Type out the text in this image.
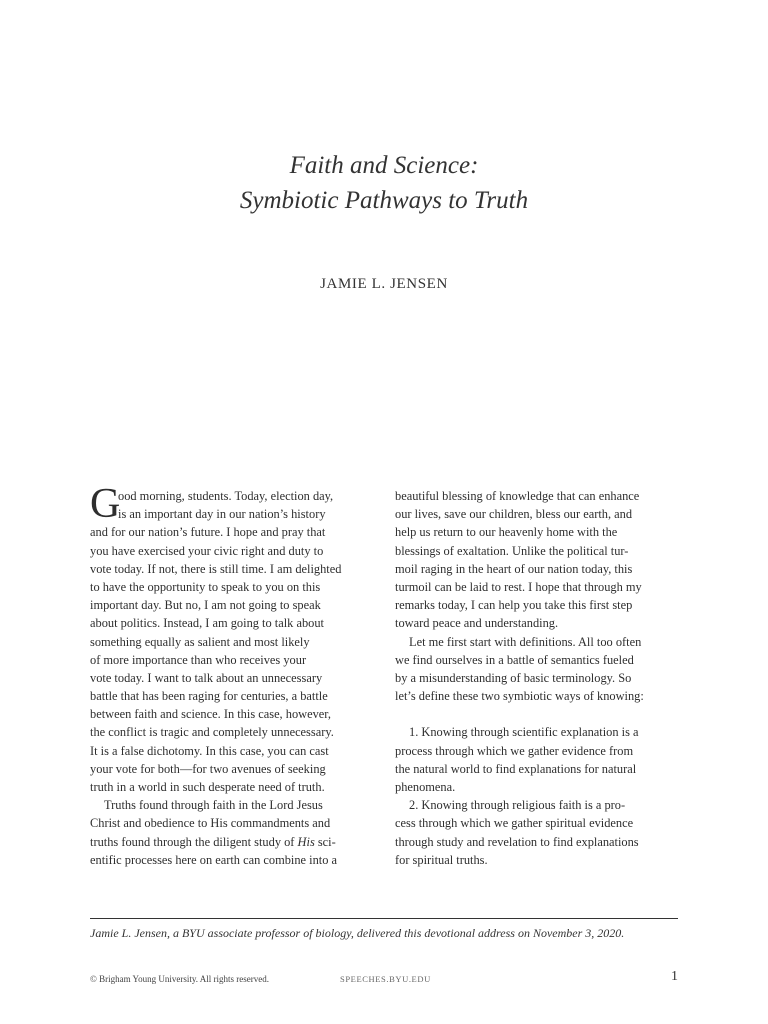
Faith and Science:
Symbiotic Pathways to Truth
JAMIE L. JENSEN
G
ood morning, students. Today, election day,
is an important day in our nation’s history
and for our nation’s future. I hope and pray that
you have exercised your civic right and duty to
vote today. If not, there is still time. I am delighted
to have the opportunity to speak to you on this
important day. But no, I am not going to speak
about politics. Instead, I am going to talk about
something equally as salient and most likely
of more importance than who receives your
vote today. I want to talk about an unnecessary
battle that has been raging for centuries, a battle
between faith and science. In this case, however,
the conflict is tragic and completely unnecessary.
It is a false dichotomy. In this case, you can cast
your vote for both—for two avenues of seeking
truth in a world in such desperate need of truth.
Truths found through faith in the Lord Jesus
Christ and obedience to His commandments and
truths found through the diligent study of His sci-
entific processes here on earth can combine into a
beautiful blessing of knowledge that can enhance
our lives, save our children, bless our earth, and
help us return to our heavenly home with the
blessings of exaltation. Unlike the political tur-
moil raging in the heart of our nation today, this
turmoil can be laid to rest. I hope that through my
remarks today, I can help you take this first step
toward peace and understanding.
Let me first start with definitions. All too often
we find ourselves in a battle of semantics fueled
by a misunderstanding of basic terminology. So
let’s define these two symbiotic ways of knowing:
1. Knowing through scientific explanation is a
process through which we gather evidence from
the natural world to find explanations for natural
phenomena.
2. Knowing through religious faith is a pro-
cess through which we gather spiritual evidence
through study and revelation to find explanations
for spiritual truths.
Jamie L. Jensen, a BYU associate professor of biology, delivered this devotional address on November 3, 2020.
© Brigham Young University. All rights reserved.	SPEECHES.BYU.EDU	1
